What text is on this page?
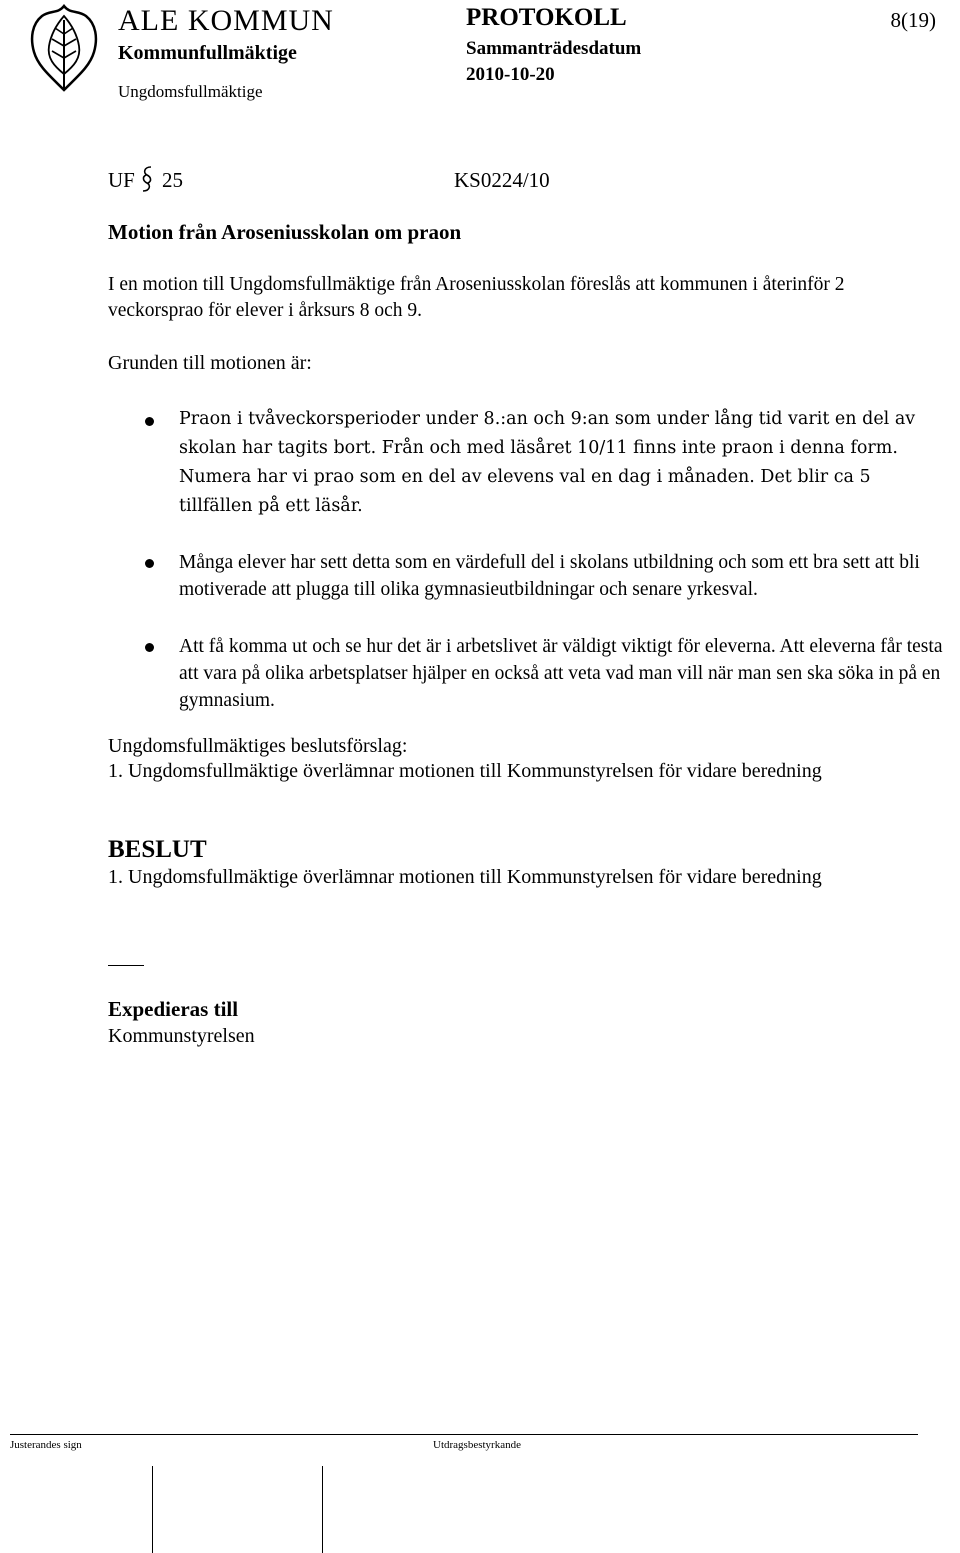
ALE KOMMUN
Kommunfullmäktige
Ungdomsfullmäktige
PROTOKOLL
Sammanträdesdatum
2010-10-20
8(19)
UF 25	KS0224/10
Motion från Aroseniusskolan om praon
I en motion till Ungdomsfullmäktige från Aroseniusskolan föreslås att kommunen i återinför 2 veckorsprao för elever i årksurs 8 och 9.
Grunden till motionen är:
Praon i tvåveckorsperioder under 8.:an och 9:an som under lång tid varit en del av skolan har tagits bort. Från och med läsåret 10/11 finns inte praon i denna form. Numera har vi prao som en del av elevens val en dag i månaden. Det blir ca 5 tillfällen på ett läsår.
Många elever har sett detta som en värdefull del i skolans utbildning och som ett bra sett att bli motiverade att plugga till olika gymnasieutbildningar och senare yrkesval.
Att få komma ut och se hur det är i arbetslivet är väldigt viktigt för eleverna. Att eleverna får testa att vara på olika arbetsplatser hjälper en också att veta vad man vill när man sen ska söka in på en gymnasium.
Ungdomsfullmäktiges beslutsförslag:
1. Ungdomsfullmäktige överlämnar motionen till Kommunstyrelsen för vidare beredning
BESLUT
1. Ungdomsfullmäktige överlämnar motionen till Kommunstyrelsen för vidare beredning
Expedieras till
Kommunstyrelsen
Justerandes sign	Utdragsbestyrkande
